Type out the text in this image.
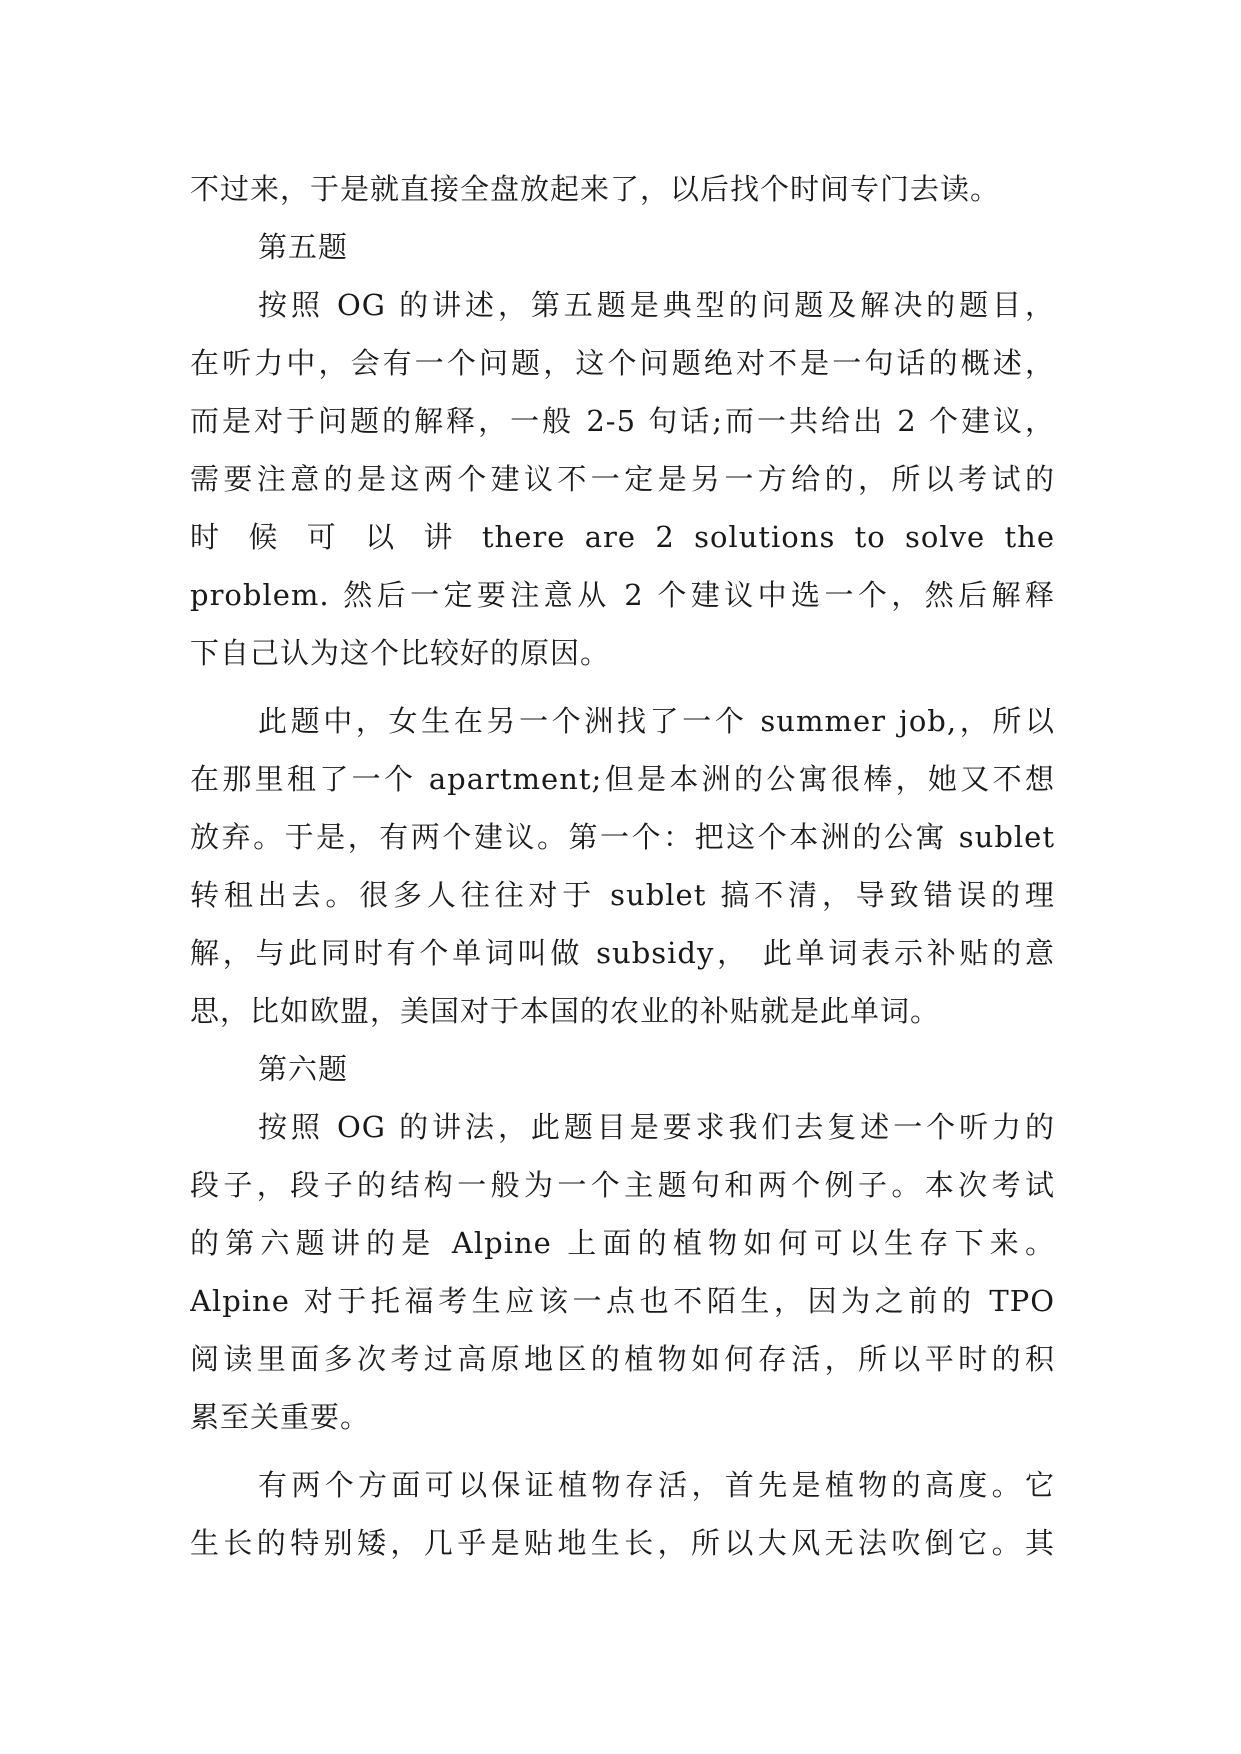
不过来，于是就直接全盘放起来了，以后找个时间专门去读。
第五题
按照 OG 的讲述，第五题是典型的问题及解决的题目，
在听力中，会有一个问题，这个问题绝对不是一句话的概述，
而是对于问题的解释，一般 2-5 句话;而一共给出 2 个建议，
需要注意的是这两个建议不一定是另一方给的，所以考试的
时 候 可 以 讲 there are 2 solutions to solve the
problem. 然后一定要注意从 2 个建议中选一个，然后解释
下自己认为这个比较好的原因。
此题中，女生在另一个洲找了一个 summer job,，所以
在那里租了一个 apartment;但是本洲的公寓很棒，她又不想
放弃。于是，有两个建议。第一个：把这个本洲的公寓 sublet
转租出去。很多人往往对于 sublet 搞不清，导致错误的理
解，与此同时有个单词叫做 subsidy， 此单词表示补贴的意
思，比如欧盟，美国对于本国的农业的补贴就是此单词。
第六题
按照 OG 的讲法，此题目是要求我们去复述一个听力的
段子，段子的结构一般为一个主题句和两个例子。本次考试
的第六题讲的是 Alpine 上面的植物如何可以生存下来。
Alpine 对于托福考生应该一点也不陌生，因为之前的 TPO
阅读里面多次考过高原地区的植物如何存活，所以平时的积
累至关重要。
有两个方面可以保证植物存活，首先是植物的高度。它
生长的特别矮，几乎是贴地生长，所以大风无法吹倒它。其
